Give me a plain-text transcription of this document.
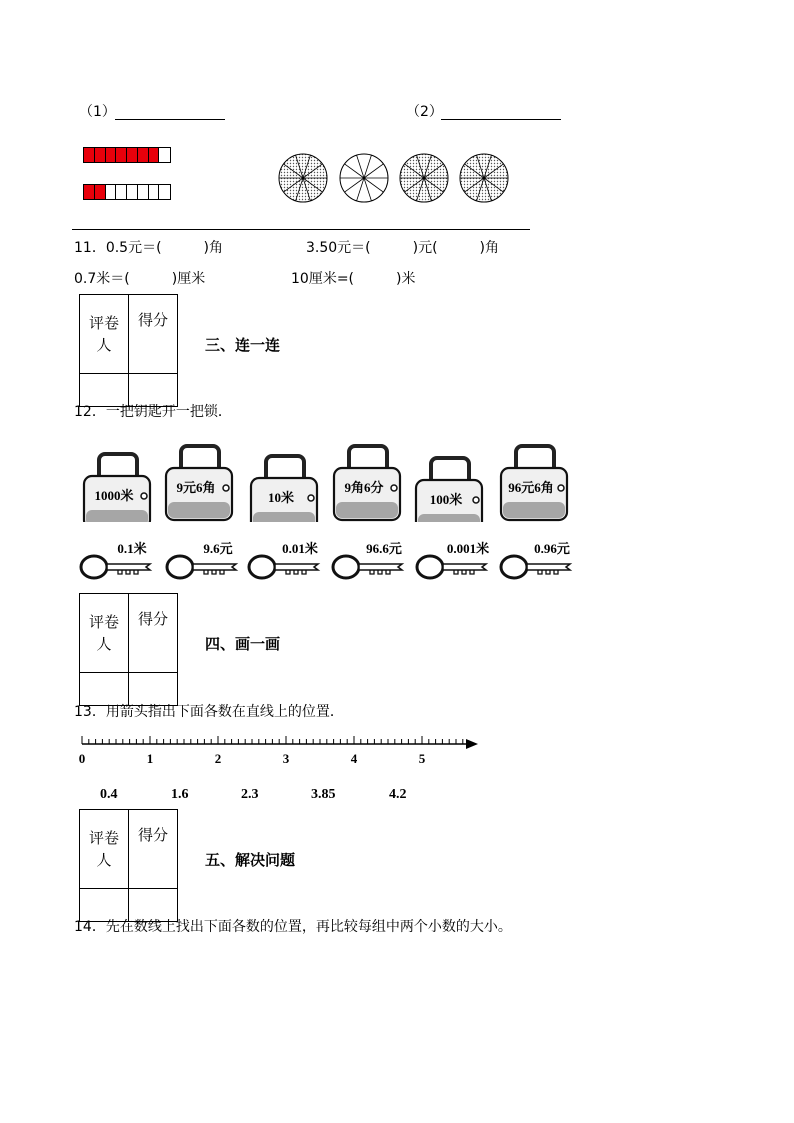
（1）	（2）
11．0.5元＝(　　　)角	3.50元＝(　　　)元(　　　)角
0.7米＝(　　　)厘米	10厘米=(　　　)米
评卷
人	得分

三、连一连
12．一把钥匙开一把锁．
1000米
9元6角
10米
9角6分
100米
96元6角
0.1米	9.6元	0.01米	96.6元	0.001米	0.96元
评卷
人	得分

四、画一画
13．用箭头指出下面各数在直线上的位置．
0	1	2	3	4	5
0.4	1.6	2.3	3.85	4.2
评卷
人	得分

五、解决问题
14．先在数线上找出下面各数的位置，再比较每组中两个小数的大小。
